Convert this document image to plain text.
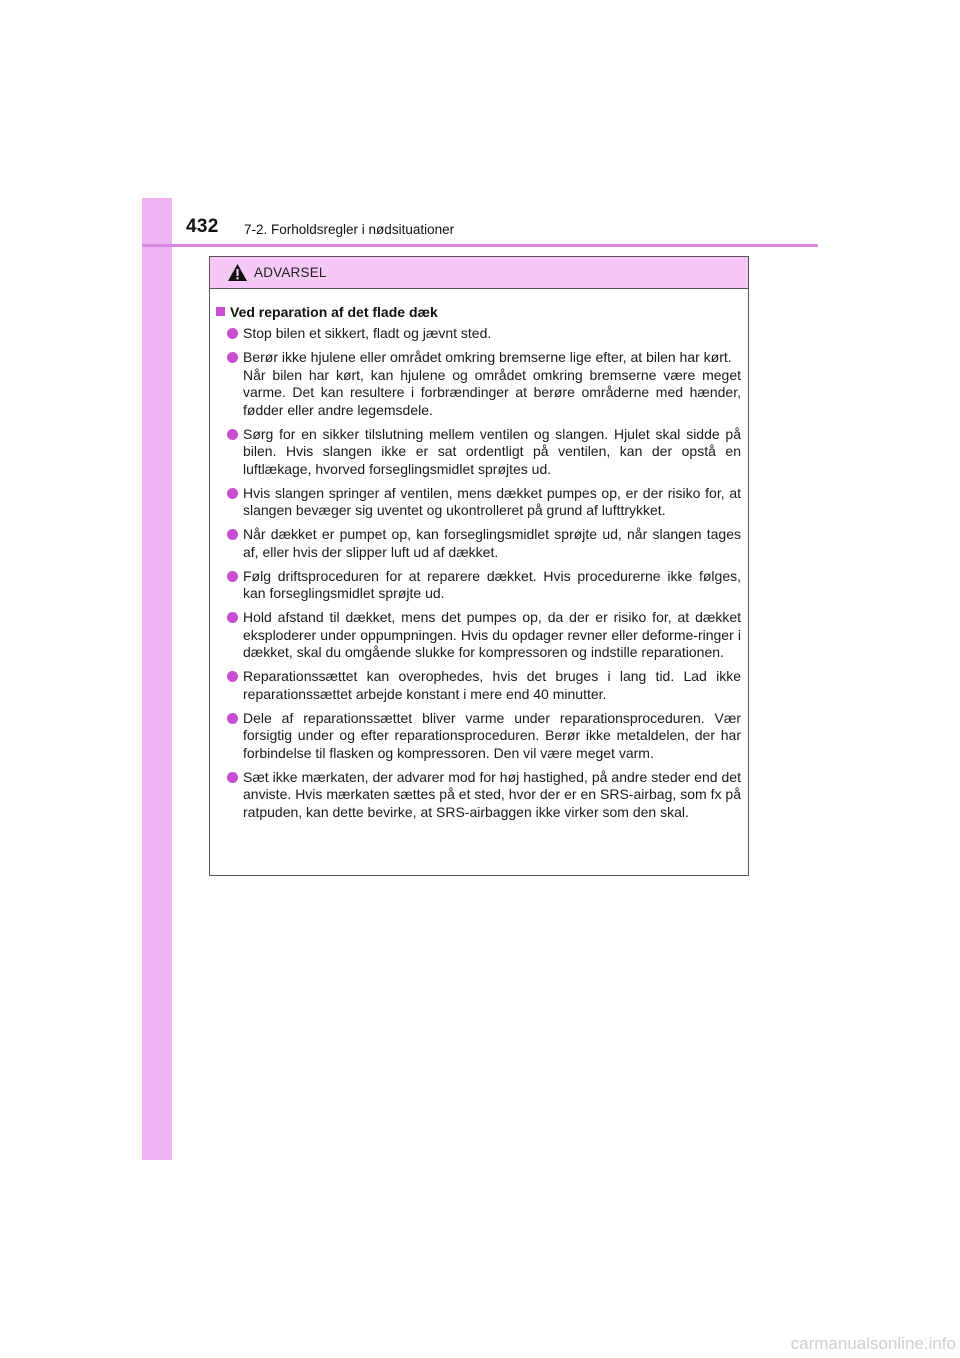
432 7-2. Forholdsregler i nødsituationer
ADVARSEL
Ved reparation af det flade dæk
Stop bilen et sikkert, fladt og jævnt sted.
Berør ikke hjulene eller området omkring bremserne lige efter, at bilen har kørt.
Når bilen har kørt, kan hjulene og området omkring bremserne være meget varme. Det kan resultere i forbrændinger at berøre områderne med hænder, fødder eller andre legemsdele.
Sørg for en sikker tilslutning mellem ventilen og slangen. Hjulet skal sidde på bilen. Hvis slangen ikke er sat ordentligt på ventilen, kan der opstå en luftlækage, hvorved forseglingsmidlet sprøjtes ud.
Hvis slangen springer af ventilen, mens dækket pumpes op, er der risiko for, at slangen bevæger sig uventet og ukontrolleret på grund af lufttrykket.
Når dækket er pumpet op, kan forseglingsmidlet sprøjte ud, når slangen tages af, eller hvis der slipper luft ud af dækket.
Følg driftsproceduren for at reparere dækket. Hvis procedurerne ikke følges, kan forseglingsmidlet sprøjte ud.
Hold afstand til dækket, mens det pumpes op, da der er risiko for, at dækket eksploderer under oppumpningen. Hvis du opdager revner eller deforme-ringer i dækket, skal du omgående slukke for kompressoren og indstille reparationen.
Reparationssættet kan overophedes, hvis det bruges i lang tid. Lad ikke reparationssættet arbejde konstant i mere end 40 minutter.
Dele af reparationssættet bliver varme under reparationsproceduren. Vær forsigtig under og efter reparationsproceduren. Berør ikke metaldelen, der har forbindelse til flasken og kompressoren. Den vil være meget varm.
Sæt ikke mærkaten, der advarer mod for høj hastighed, på andre steder end det anviste. Hvis mærkaten sættes på et sted, hvor der er en SRS-airbag, som fx på ratpuden, kan dette bevirke, at SRS-airbaggen ikke virker som den skal.
carmanualsonline.info
